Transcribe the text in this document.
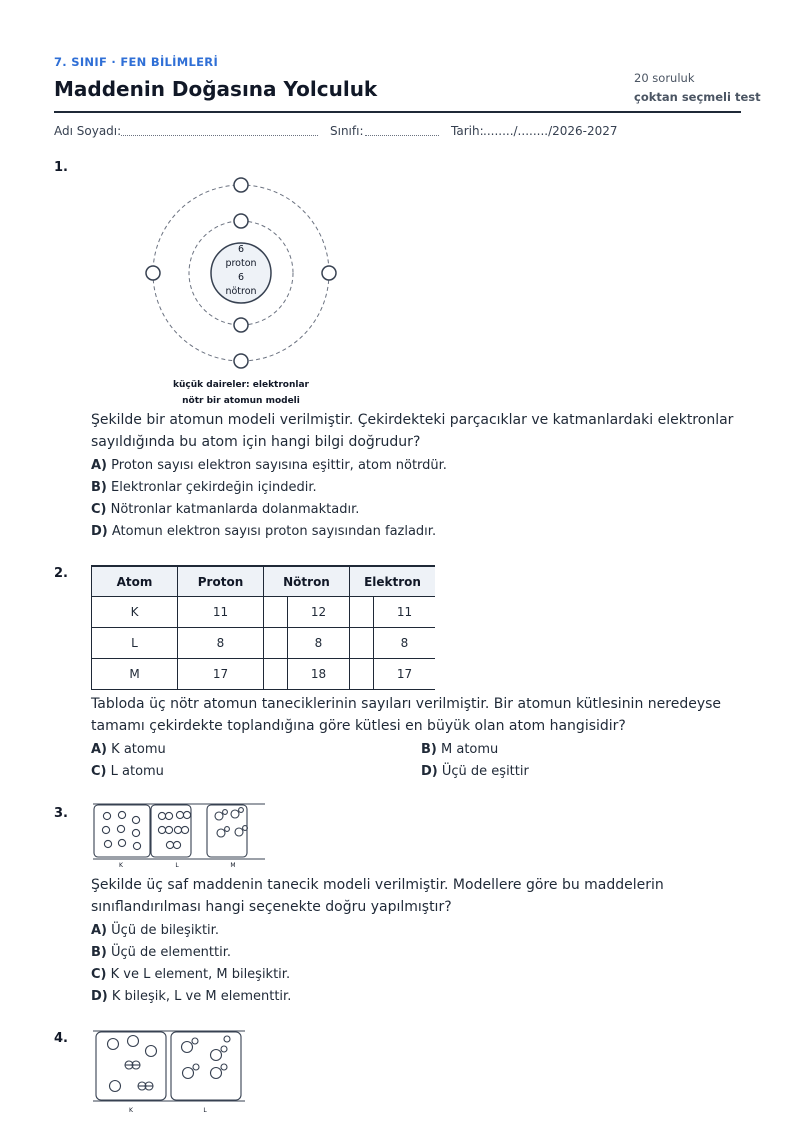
7. SINIF · FEN BİLİMLERİ
Maddenin Doğasına Yolculuk	20 soruluk
çoktan seçmeli test
Adı Soyadı:	Sınıfı:	Tarih: ......../......../2026-2027
1.
6
proton
6
nötron
küçük daireler: elektronlar
nötr bir atomun modeli
Şekilde bir atomun modeli verilmiştir. Çekirdekteki parçacıklar ve katmanlardaki elektronlar sayıldığında bu atom için hangi bilgi doğrudur?
A) Proton sayısı elektron sayısına eşittir, atom nötrdür.
B) Elektronlar çekirdeğin içindedir.
C) Nötronlar katmanlarda dolanmaktadır.
D) Atomun elektron sayısı proton sayısından fazladır.
2.
Atom	Proton	Nötron	Elektron
K	11	12	11

L	8	8	8

M	17	18	17
Tabloda üç nötr atomun taneciklerinin sayıları verilmiştir. Bir atomun kütlesinin neredeyse tamamı çekirdekte toplandığına göre kütlesi en büyük olan atom hangisidir?
A) K atomu	B) M atomu
C) L atomu	D) Üçü de eşittir
3.
K	L	M
Şekilde üç saf maddenin tanecik modeli verilmiştir. Modellere göre bu maddelerin sınıflandırılması hangi seçenekte doğru yapılmıştır?
A) Üçü de bileşiktir.
B) Üçü de elementtir.
C) K ve L element, M bileşiktir.
D) K bileşik, L ve M elementtir.
4.
K	L
